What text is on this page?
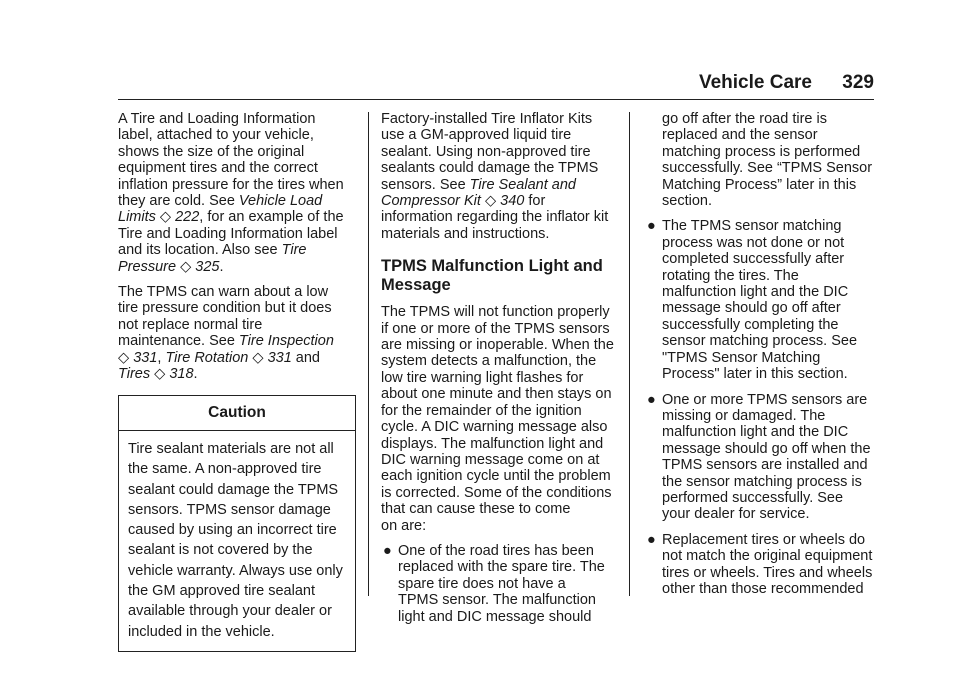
Vehicle Care 329

A Tire and Loading Information
label, attached to your vehicle,
shows the size of the original
equipment tires and the correct
inflation pressure for the tires when
they are cold. See Vehicle Load
Limits ◇ 222, for an example of the
Tire and Loading Information label
and its location. Also see Tire
Pressure ◇ 325.

The TPMS can warn about a low
tire pressure condition but it does
not replace normal tire
maintenance. See Tire Inspection
◇ 331, Tire Rotation ◇ 331 and
Tires ◇ 318.

Caution
Tire sealant materials are not all
the same. A non-approved tire
sealant could damage the TPMS
sensors. TPMS sensor damage
caused by using an incorrect tire
sealant is not covered by the
vehicle warranty. Always use only
the GM approved tire sealant
available through your dealer or
included in the vehicle.

Factory-installed Tire Inflator Kits
use a GM-approved liquid tire
sealant. Using non-approved tire
sealants could damage the TPMS
sensors. See Tire Sealant and
Compressor Kit ◇ 340 for
information regarding the inflator kit
materials and instructions.

TPMS Malfunction Light and
Message

The TPMS will not function properly
if one or more of the TPMS sensors
are missing or inoperable. When the
system detects a malfunction, the
low tire warning light flashes for
about one minute and then stays on
for the remainder of the ignition
cycle. A DIC warning message also
displays. The malfunction light and
DIC warning message come on at
each ignition cycle until the problem
is corrected. Some of the conditions
that can cause these to come
on are:

● One of the road tires has been
replaced with the spare tire. The
spare tire does not have a
TPMS sensor. The malfunction
light and DIC message should
go off after the road tire is
replaced and the sensor
matching process is performed
successfully. See “TPMS Sensor
Matching Process” later in this
section.
● The TPMS sensor matching
process was not done or not
completed successfully after
rotating the tires. The
malfunction light and the DIC
message should go off after
successfully completing the
sensor matching process. See
"TPMS Sensor Matching
Process" later in this section.
● One or more TPMS sensors are
missing or damaged. The
malfunction light and the DIC
message should go off when the
TPMS sensors are installed and
the sensor matching process is
performed successfully. See
your dealer for service.
● Replacement tires or wheels do
not match the original equipment
tires or wheels. Tires and wheels
other than those recommended
